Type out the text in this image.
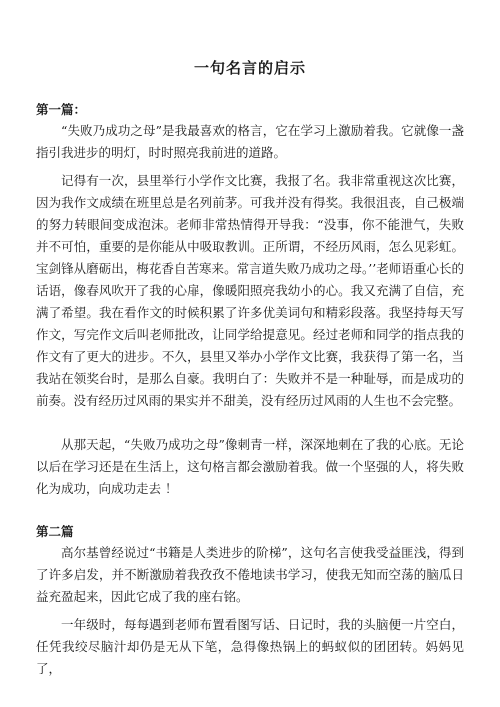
一句名言的启示
第一篇：

“失败乃成功之母”是我最喜欢的格言，它在学习上激励着我。它就像一盏指引我进步的明灯，时时照亮我前进的道路。

记得有一次，县里举行小学作文比赛，我报了名。我非常重视这次比赛，因为我作文成绩在班里总是名列前茅。可我并没有得奖。我很沮丧，自己极端的努力转眼间变成泡沫。老师非常热情得开导我：“没事，你不能泄气，失败并不可怕，重要的是你能从中吸取教训。正所谓，不经历风雨，怎么见彩虹。宝剑锋从磨砺出，梅花香自苦寒来。常言道失败乃成功之母。’’老师语重心长的话语，像春风吹开了我的心扉，像暖阳照亮我幼小的心。我又充满了自信，充满了希望。我在看作文的时候积累了许多优美词句和精彩段落。我坚持每天写作文，写完作文后叫老师批改，让同学给提意见。经过老师和同学的指点我的作文有了更大的进步。不久，县里又举办小学作文比赛，我获得了第一名，当我站在领奖台时，是那么自豪。我明白了：失败并不是一种耻辱，而是成功的前奏。没有经历过风雨的果实并不甜美，没有经历过风雨的人生也不会完整。

从那天起，“失败乃成功之母”像刺青一样，深深地刺在了我的心底。无论以后在学习还是在生活上，这句格言都会激励着我。做一个坚强的人，将失败化为成功，向成功走去 ！

第二篇

高尔基曾经说过“书籍是人类进步的阶梯”，这句名言使我受益匪浅，得到了许多启发，并不断激励着我孜孜不倦地读书学习，使我无知而空荡的脑瓜日益充盈起来，因此它成了我的座右铭。

一年级时，每每遇到老师布置看图写话、日记时，我的头脑便一片空白，任凭我绞尽脑汁却仍是无从下笔，急得像热锅上的蚂蚁似的团团转。妈妈见了，
